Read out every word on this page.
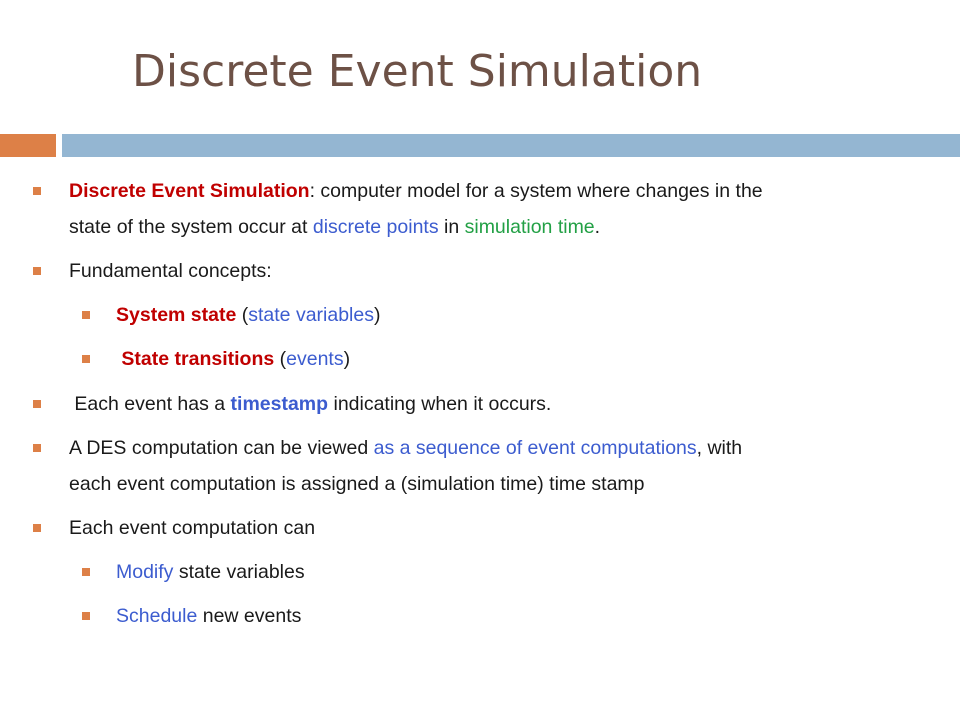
Discrete Event Simulation
Discrete Event Simulation: computer model for a system where changes in the
state of the system occur at discrete points in simulation time.
Fundamental concepts:
System state (state variables)
State transitions (events)
Each event has a timestamp indicating when it occurs.
A DES computation can be viewed as a sequence of event computations, with
each event computation is assigned a (simulation time) time stamp
Each event computation can
Modify state variables
Schedule new events
